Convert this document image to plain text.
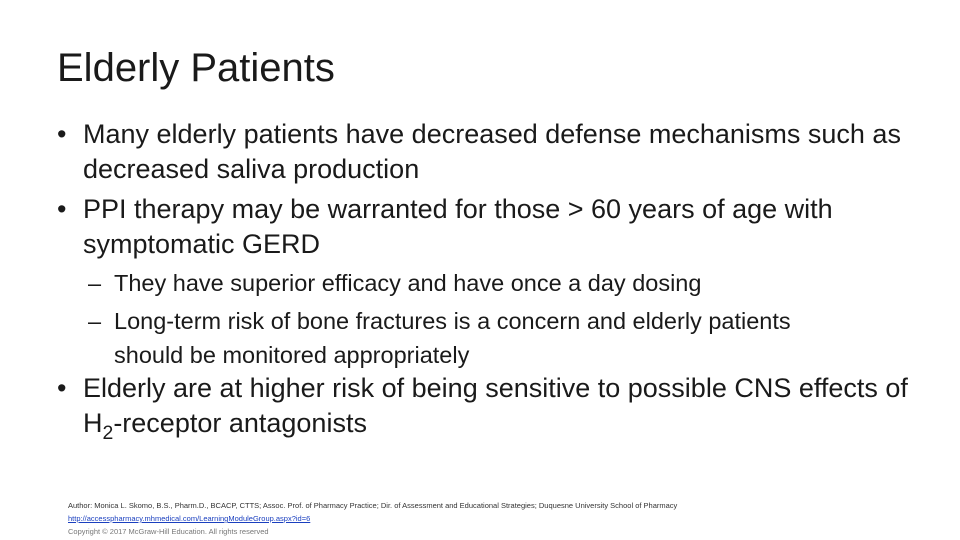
Elderly Patients
• Many elderly patients have decreased defense mechanisms such as decreased saliva production
• PPI therapy may be warranted for those > 60 years of age with symptomatic GERD
– They have superior efficacy and have once a day dosing
– Long-term risk of bone fractures is a concern and elderly patients should be monitored appropriately
• Elderly are at higher risk of being sensitive to possible CNS effects of $H_2$-receptor antagonists
Author: Monica L. Skomo, B.S., Pharm.D., BCACP, CTTS; Assoc. Prof. of Pharmacy Practice; Dir. of Assessment and Educational Strategies; Duquesne University School of Pharmacy
http://accesspharmacy.mhmedical.com/LearningModuleGroup.aspx?id=6
Copyright © 2017 McGraw-Hill Education. All rights reserved
